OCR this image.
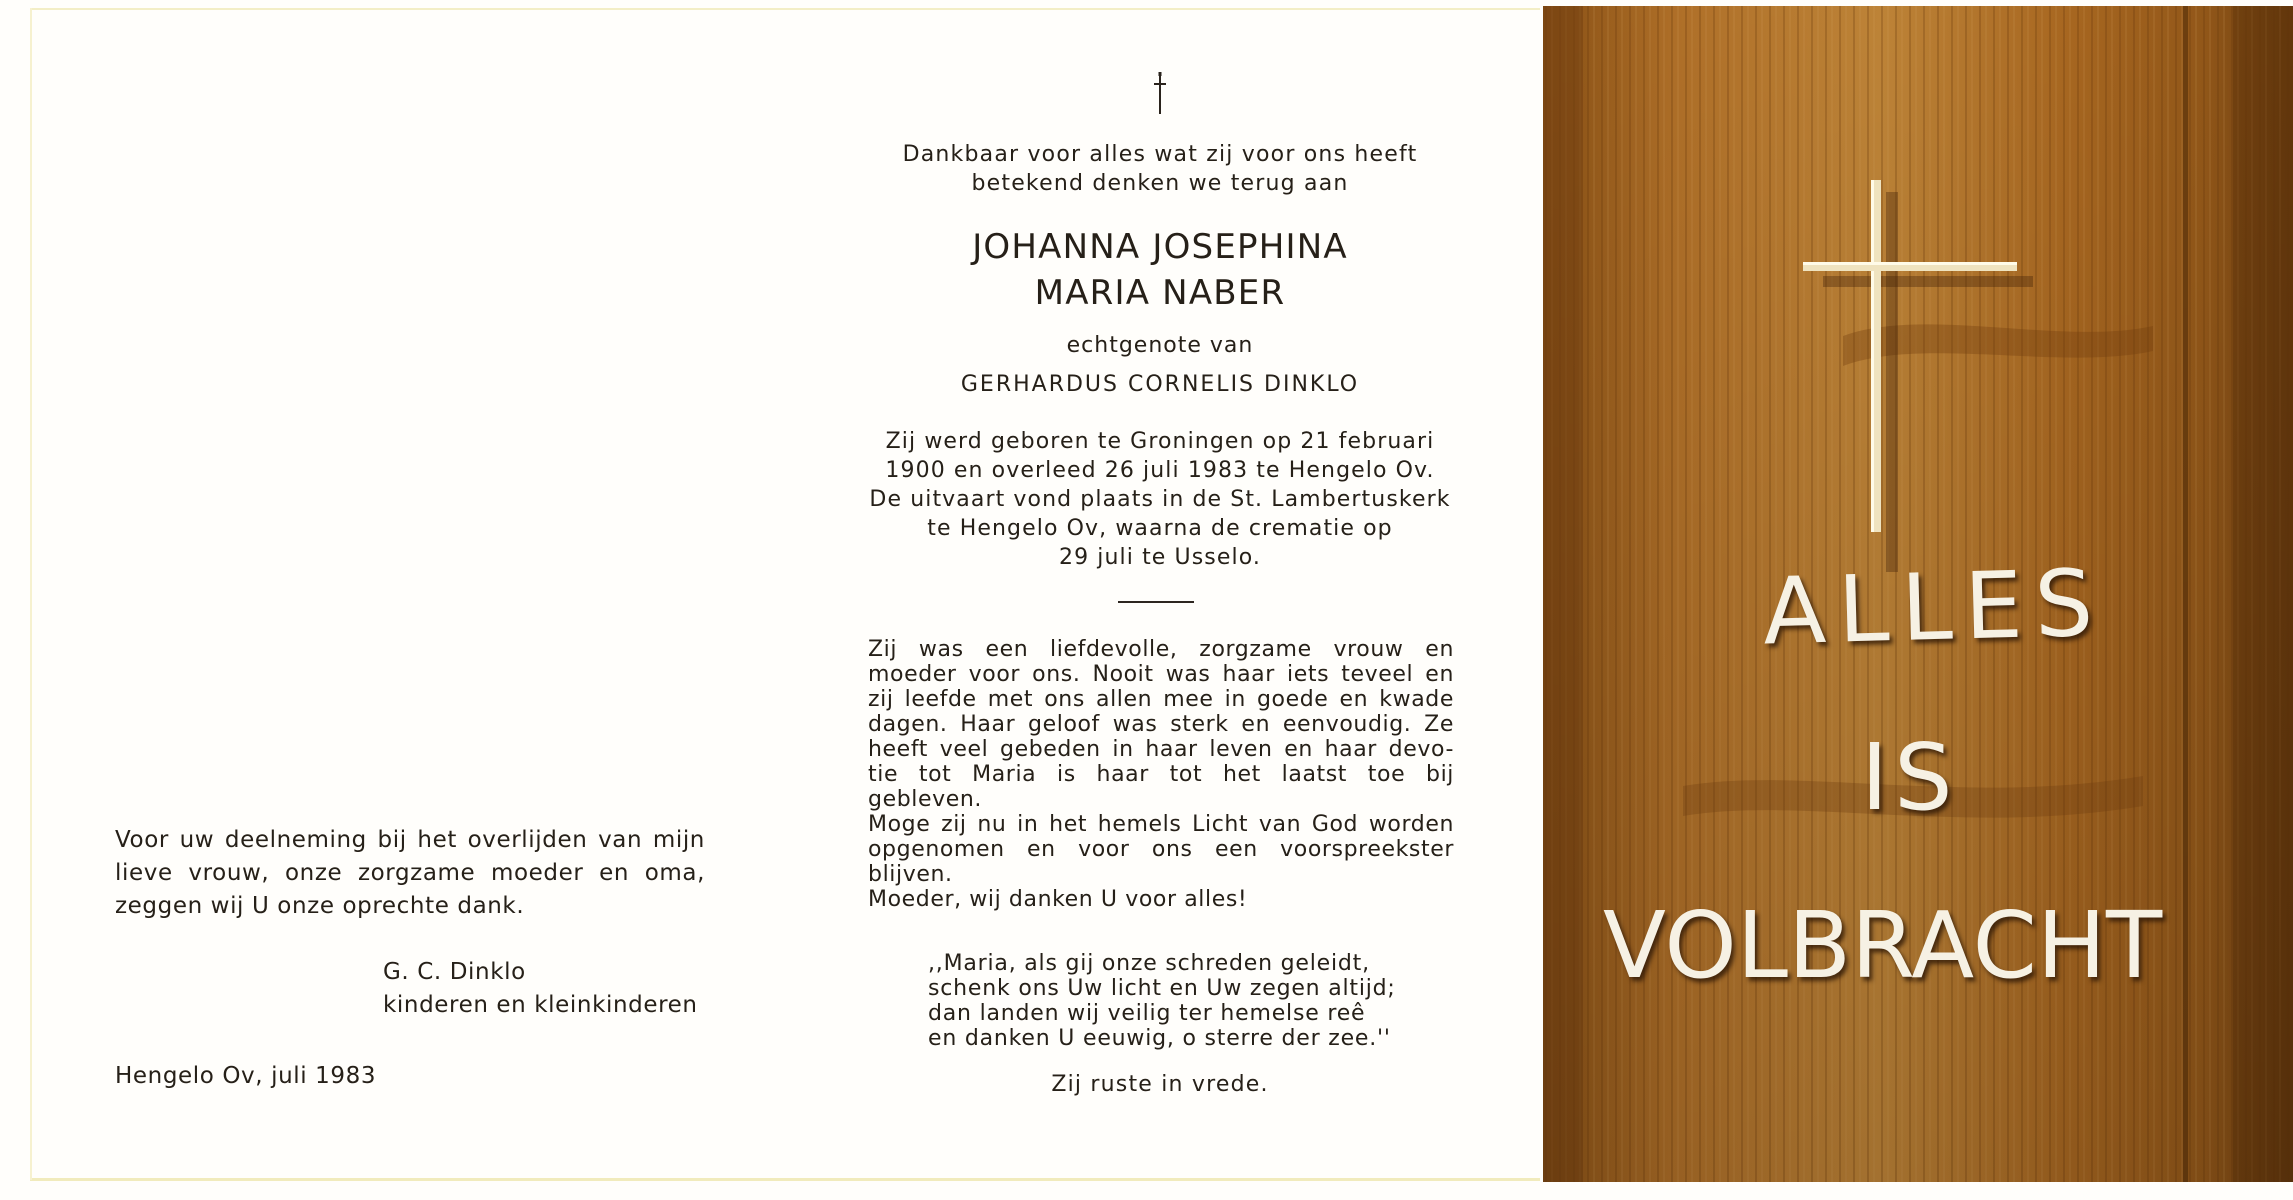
Voor uw deelneming bij het overlijden van mijn

lieve vrouw, onze zorgzame moeder en oma,

zeggen wij U onze oprechte dank.

G. C. Dinklo
kinderen en kleinkinderen
Hengelo Ov, juli 1983
Dankbaar voor alles wat zij voor ons heeft
betekend denken we terug aan
JOHANNA JOSEPHINA
MARIA NABER
echtgenote van
GERHARDUS CORNELIS DINKLO
Zij werd geboren te Groningen op 21 februari
1900 en overleed 26 juli 1983 te Hengelo Ov.
De uitvaart vond plaats in de St. Lambertuskerk
te Hengelo Ov, waarna de crematie op
29 juli te Usselo.
Zij was een liefdevolle, zorgzame vrouw en
moeder voor ons. Nooit was haar iets teveel en
zij leefde met ons allen mee in goede en kwade
dagen. Haar geloof was sterk en eenvoudig. Ze
heeft veel gebeden in haar leven en haar devo-
tie tot Maria is haar tot het laatst toe bij
gebleven.
Moge zij nu in het hemels Licht van God worden
opgenomen en voor ons een voorspreekster
blijven.
Moeder, wij danken U voor alles!
,,Maria, als gij onze schreden geleidt,
schenk ons Uw licht en Uw zegen altijd;
dan landen wij veilig ter hemelse reê
en danken U eeuwig, o sterre der zee.''
Zij ruste in vrede.
ALLES
IS
VOLBRACHT
